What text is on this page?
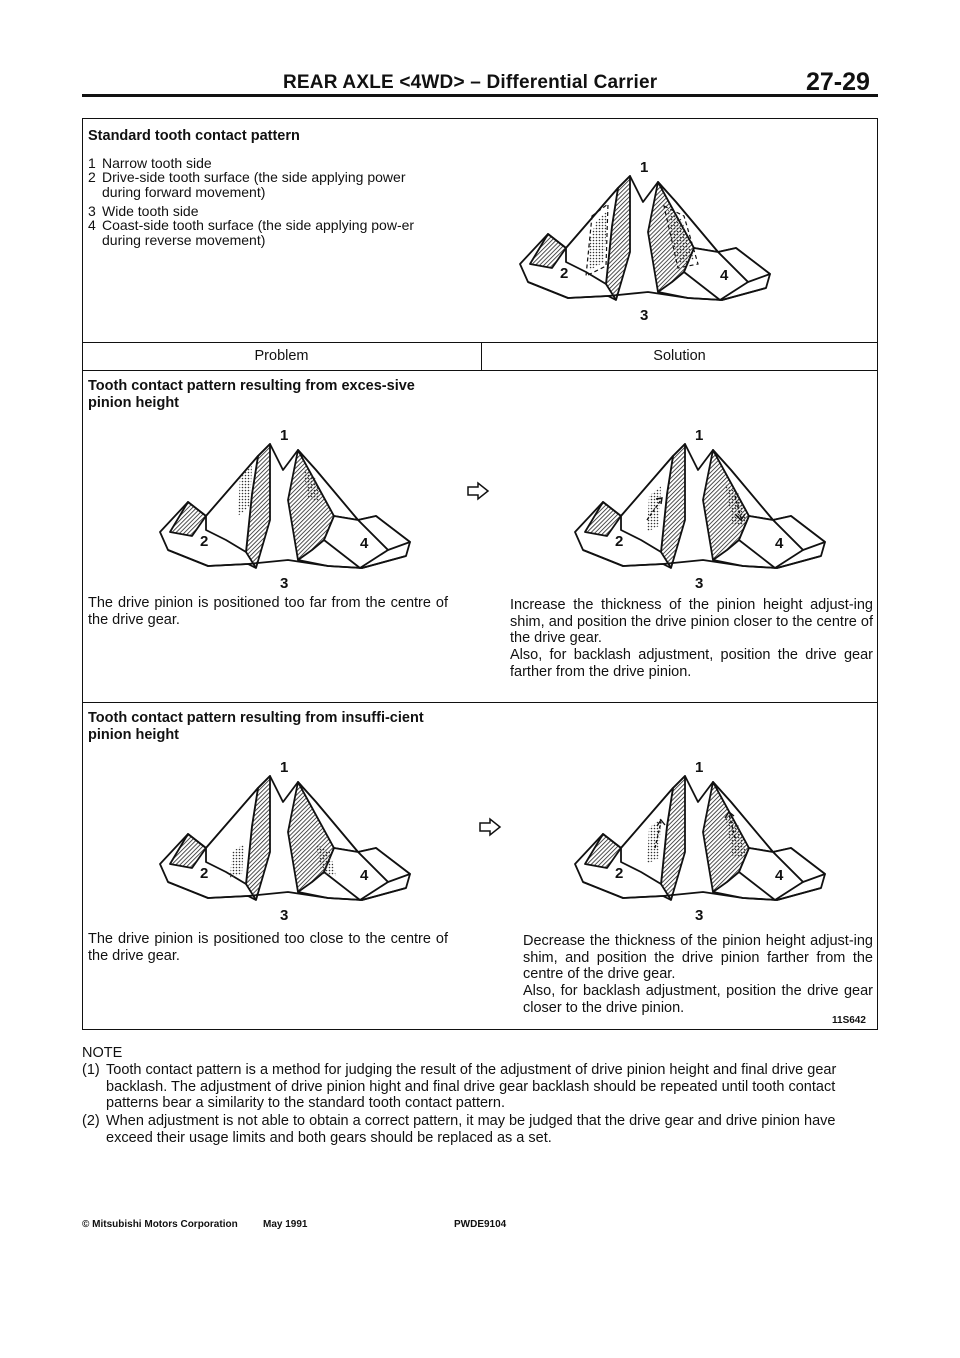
REAR AXLE <4WD> – Differential Carrier	27-29
Standard tooth contact pattern
1 Narrow tooth side
2 Drive-side tooth surface (the side applying power during forward movement)
3 Wide tooth side
4 Coast-side tooth surface (the side applying pow-er during reverse movement)
1
2	4
3
Problem	Solution
Tooth contact pattern resulting from exces-sive pinion height
1
2	4
3
1
2	4
3
The drive pinion is positioned too far from the centre of the drive gear.
Increase the thickness of the pinion height adjust-ing shim, and position the drive pinion closer to the centre of the drive gear.
Also, for backlash adjustment, position the drive gear farther from the drive pinion.
Tooth contact pattern resulting from insuffi-cient pinion height
1
2	4
3
1
2	4
3
The drive pinion is positioned too close to the centre of the drive gear.
Decrease the thickness of the pinion height adjust-ing shim, and position the drive pinion farther from the centre of the drive gear.
Also, for backlash adjustment, position the drive gear closer to the drive pinion.
11S642
NOTE
(1) Tooth contact pattern is a method for judging the result of the adjustment of drive pinion height and final drive gear backlash. The adjustment of drive pinion hight and final drive gear backlash should be repeated until tooth contact patterns bear a similarity to the standard tooth contact pattern.
(2) When adjustment is not able to obtain a correct pattern, it may be judged that the drive gear and drive pinion have exceed their usage limits and both gears should be replaced as a set.
© Mitsubishi Motors Corporation	May 1991	PWDE9104
